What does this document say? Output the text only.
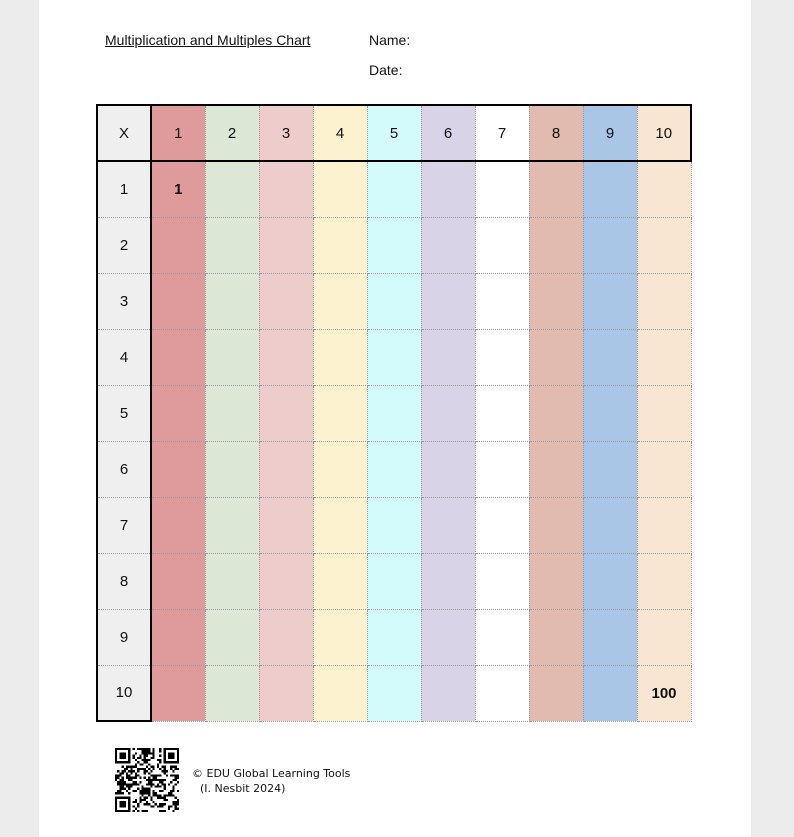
Multiplication and Multiples Chart	Name:
Date:
X	1	2	3	4	5	6	7	8	9	10
1	1									
2										
3										
4										
5										
6										
7										
8										
9										
10										100
© EDU Global Learning Tools
(I. Nesbit 2024)
